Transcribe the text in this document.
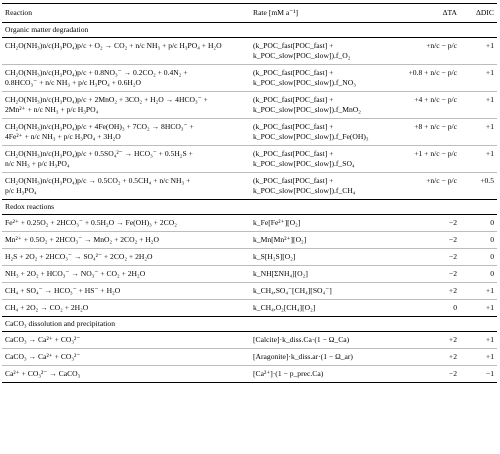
Reaction	Rate [mM a⁻¹]	ΔTA	ΔDIC
Organic matter degradation			

CH₂O(NH₃)n/c(H₃PO₄)p/c + O₂ → CO₂ + n/c NH₃ + p/c H₃PO₄ + H₂O	(k_POC_fast[POC_fast] +
k_POC_slow[POC_slow]).f_O₂	+n/c − p/c	+1

CH₂O(NH₃)n/c(H₃PO₄)p/c + 0.8NO₃⁻ → 0.2CO₂ + 0.4N₂ +
0.8HCO₃⁻ + n/c NH₃ + p/c H₃PO₄ + 0.6H₂O	(k_POC_fast[POC_fast] +
k_POC_slow[POC_slow]).f_NO₃	+0.8 + n/c − p/c	+1

CH₂O(NH₃)n/c(H₃PO₄)p/c + 2MnO₂ + 3CO₂ + H₂O → 4HCO₃⁻ +
2Mn²⁺ + n/c NH₃ + p/c H₃PO₄	(k_POC_fast[POC_fast] +
k_POC_slow[POC_slow]).f_MnO₂	+4 + n/c − p/c	+1

CH₂O(NH₃)n/c(H₃PO₄)p/c + 4Fe(OH)₃ + 7CO₂ → 8HCO₃⁻ +
4Fe²⁺ + n/c NH₃ + p/c H₃PO₄ + 3H₂O	(k_POC_fast[POC_fast] +
k_POC_slow[POC_slow]).f_Fe(OH)₃	+8 + n/c − p/c	+1

CH₂O(NH₃)n/c(H₃PO₄)p/c + 0.5SO₄²⁻ → HCO₃⁻ + 0.5H₂S +
n/c NH₃ + p/c H₃PO₄	(k_POC_fast[POC_fast] +
k_POC_slow[POC_slow]).f_SO₄	+1 + n/c − p/c	+1

CH₂O(NH₃)n/c(H₃PO₄)p/c → 0.5CO₂ + 0.5CH₄ + n/c NH₃ +
p/c H₃PO₄	(k_POC_fast[POC_fast] +
k_POC_slow[POC_slow]).f_CH₄	+n/c − p/c	+0.5
Redox reactions			

Fe²⁺ + 0.25O₂ + 2HCO₃⁻ + 0.5H₂O → Fe(OH)₃ + 2CO₂	k_Fe[Fe²⁺][O₂]	−2	0

Mn²⁺ + 0.5O₂ + 2HCO₃⁻ → MnO₂ + 2CO₂ + H₂O	k_Mn[Mn²⁺][O₂]	−2	0

H₂S + 2O₂ + 2HCO₃⁻ → SO₄²⁻ + 2CO₂ + 2H₂O	k_S[H₂S][O₂]	−2	0

NH₃ + 2O₂ + HCO₃⁻ → NO₃⁻ + CO₂ + 2H₂O	k_NH[ΣNH₄][O₂]	−2	0

CH₄ + SO₄⁻ → HCO₃⁻ + HS⁻ + H₂O	k_CH₄,SO₄⁻[CH₄][SO₄⁻]	+2	+1

CH₄ + 2O₂ → CO₂ + 2H₂O	k_CH₄,O₂[CH₄][O₂]	0	+1
CaCO₃ dissolution and precipitation			

CaCO₃ → Ca²⁺ + CO₃²⁻	[Calcite]·k_diss.Ca·(1 − Ω_Ca)	+2	+1

CaCO₃ → Ca²⁺ + CO₃²⁻	[Aragonite]·k_diss.ar·(1 − Ω_ar)	+2	+1

Ca²⁺ + CO₃²⁻ → CaCO₃	[Ca²⁺]·(1 − p_prec.Ca)	−2	−1
